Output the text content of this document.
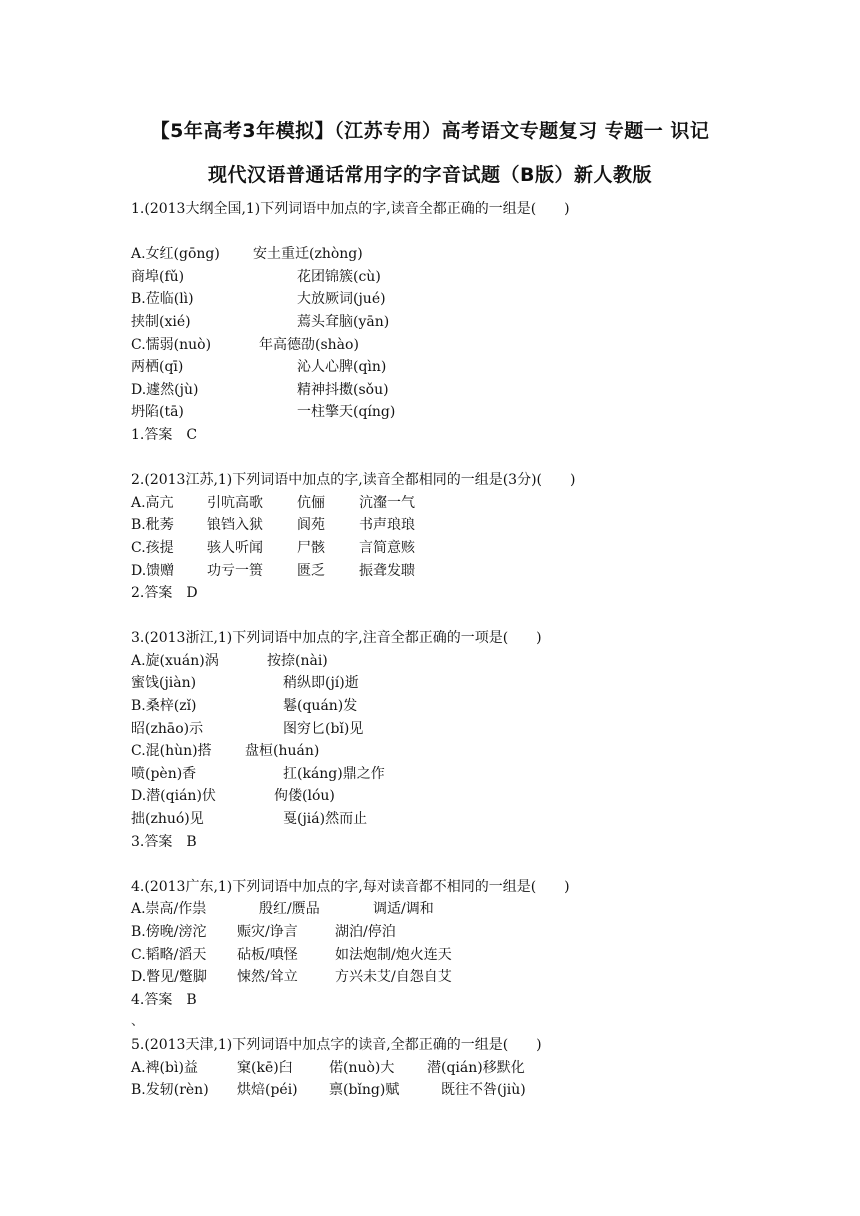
【5年高考3年模拟】（江苏专用）高考语文专题复习 专题一 识记
现代汉语普通话常用字的字音试题（B版）新人教版
1.(2013大纲全国,1)下列词语中加点的字,读音全都正确的一组是(　　)
A.女红(gōng) 安土重迁(zhòng)
商埠(fǔ)	花团锦簇(cù)
B.莅临(lì)	大放厥词(jué)
挟制(xié)	蔫头耷脑(yān)
C.懦弱(nuò)	年高德劭(shào)
两栖(qī)	沁人心脾(qìn)
D.遽然(jù)	精神抖擞(sǒu)
坍陷(tā)	一柱擎天(qíng)
1.答案　C
2.(2013江苏,1)下列词语中加点的字,读音全都相同的一组是(3分)(　　)
A.高亢 引吭高歌 伉俪 沆瀣一气
B.秕莠 锒铛入狱 阆苑 书声琅琅
C.孩提 骇人听闻 尸骸 言简意赅
D.馈赠 功亏一篑 匮乏 振聋发聩
2.答案　D
3.(2013浙江,1)下列词语中加点的字,注音全都正确的一项是(　　)
A.旋(xuán)涡	按捺(nài)
蜜饯(jiàn)	稍纵即(jí)逝
B.桑梓(zǐ)	鬈(quán)发
昭(zhāo)示	图穷匕(bǐ)见
C.混(hùn)搭 盘桓(huán)
喷(pèn)香	扛(káng)鼎之作
D.潜(qián)伏	佝偻(lóu)
拙(zhuó)见	戛(jiá)然而止
3.答案　B
4.(2013广东,1)下列词语中加点的字,每对读音都不相同的一组是(　　)
A.崇高/作祟	殷红/赝品	调适/调和
B.傍晚/滂沱 赈灾/诤言	湖泊/停泊
C.韬略/滔天 砧板/嗔怪	如法炮制/炮火连天
D.瞥见/蹩脚 悚然/耸立	方兴未艾/自怨自艾
4.答案　B
、
5.(2013天津,1)下列词语中加点字的读音,全都正确的一组是(　　)
A.裨(bì)益	窠(kē)臼	偌(nuò)大 潜(qián)移默化
B.发轫(rèn) 烘焙(péi) 禀(bǐng)赋	既往不咎(jiù)
